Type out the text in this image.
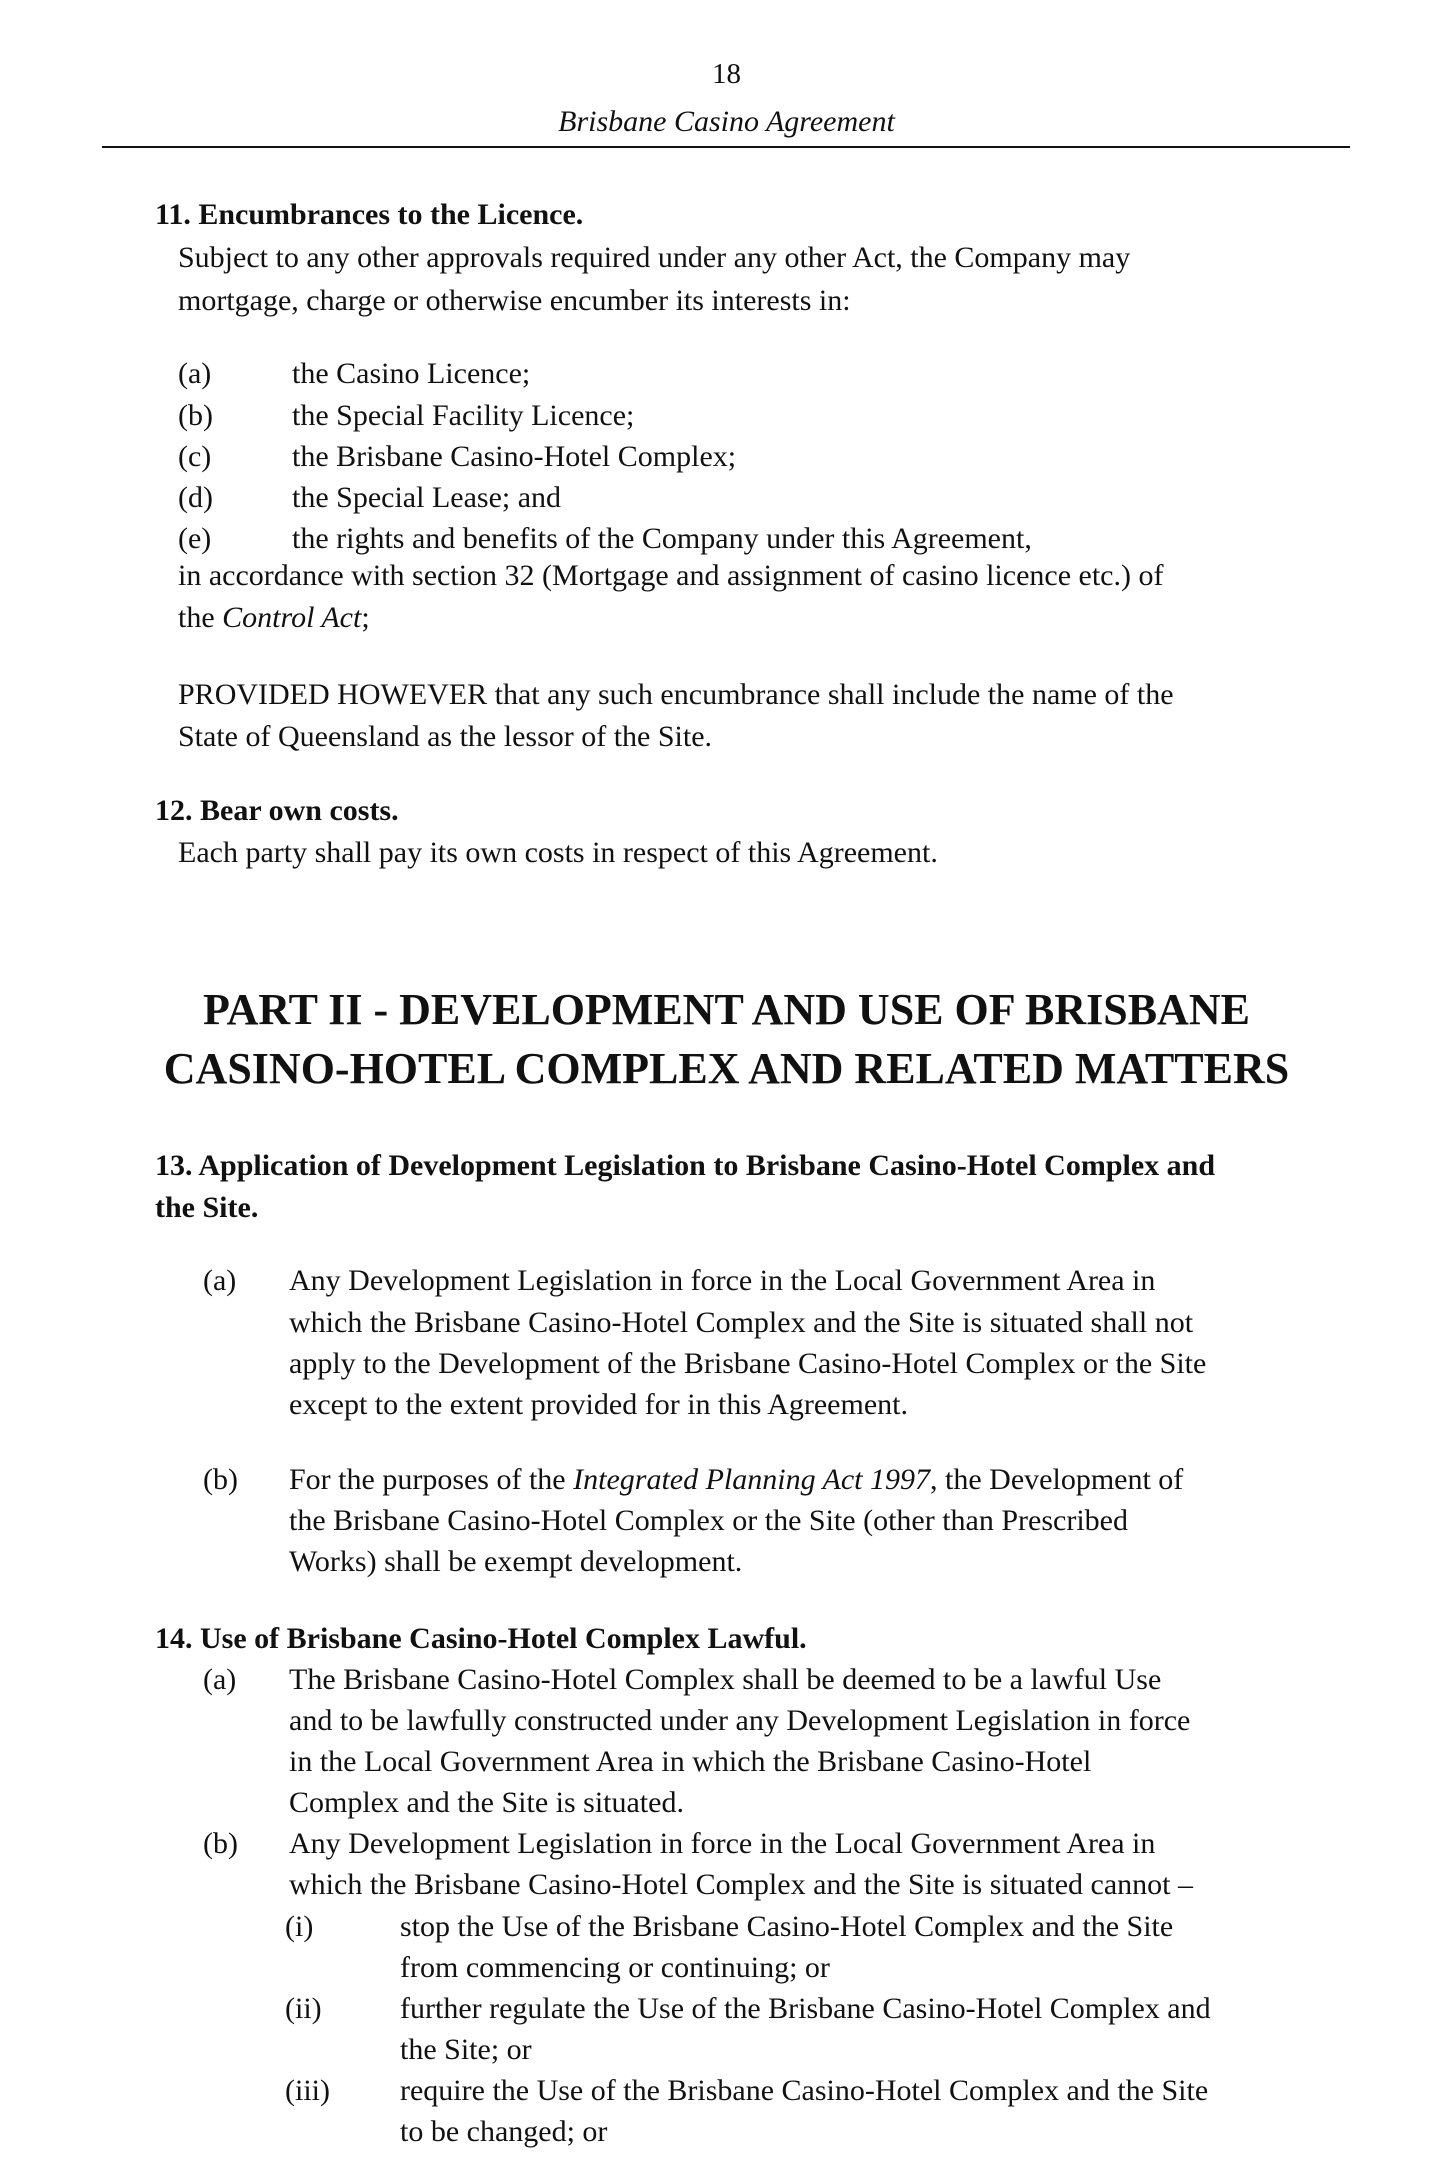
18

Brisbane Casino Agreement

11. Encumbrances to the Licence.

Subject to any other approvals required under any other Act, the Company may

mortgage, charge or otherwise encumber its interests in:

(a)	the Casino Licence;

(b)	the Special Facility Licence;

(c)	the Brisbane Casino-Hotel Complex;

(d)	the Special Lease; and

(e)	the rights and benefits of the Company under this Agreement,

in accordance with section 32 (Mortgage and assignment of casino licence etc.) of

the Control Act;

PROVIDED HOWEVER that any such encumbrance shall include the name of the

State of Queensland as the lessor of the Site.

12. Bear own costs.

Each party shall pay its own costs in respect of this Agreement.

PART II - DEVELOPMENT AND USE OF BRISBANE

CASINO-HOTEL COMPLEX AND RELATED MATTERS

13. Application of Development Legislation to Brisbane Casino-Hotel Complex and

the Site.

(a) Any Development Legislation in force in the Local Government Area in

which the Brisbane Casino-Hotel Complex and the Site is situated shall not

apply to the Development of the Brisbane Casino-Hotel Complex or the Site

except to the extent provided for in this Agreement.

(b) For the purposes of the Integrated Planning Act 1997, the Development of

the Brisbane Casino-Hotel Complex or the Site (other than Prescribed

Works) shall be exempt development.

14. Use of Brisbane Casino-Hotel Complex Lawful.

(a) The Brisbane Casino-Hotel Complex shall be deemed to be a lawful Use

and to be lawfully constructed under any Development Legislation in force

in the Local Government Area in which the Brisbane Casino-Hotel

Complex and the Site is situated.

(b) Any Development Legislation in force in the Local Government Area in

which the Brisbane Casino-Hotel Complex and the Site is situated cannot –

(i)	stop the Use of the Brisbane Casino-Hotel Complex and the Site

from commencing or continuing; or

(ii)	further regulate the Use of the Brisbane Casino-Hotel Complex and

the Site; or

(iii) require the Use of the Brisbane Casino-Hotel Complex and the Site

to be changed; or
